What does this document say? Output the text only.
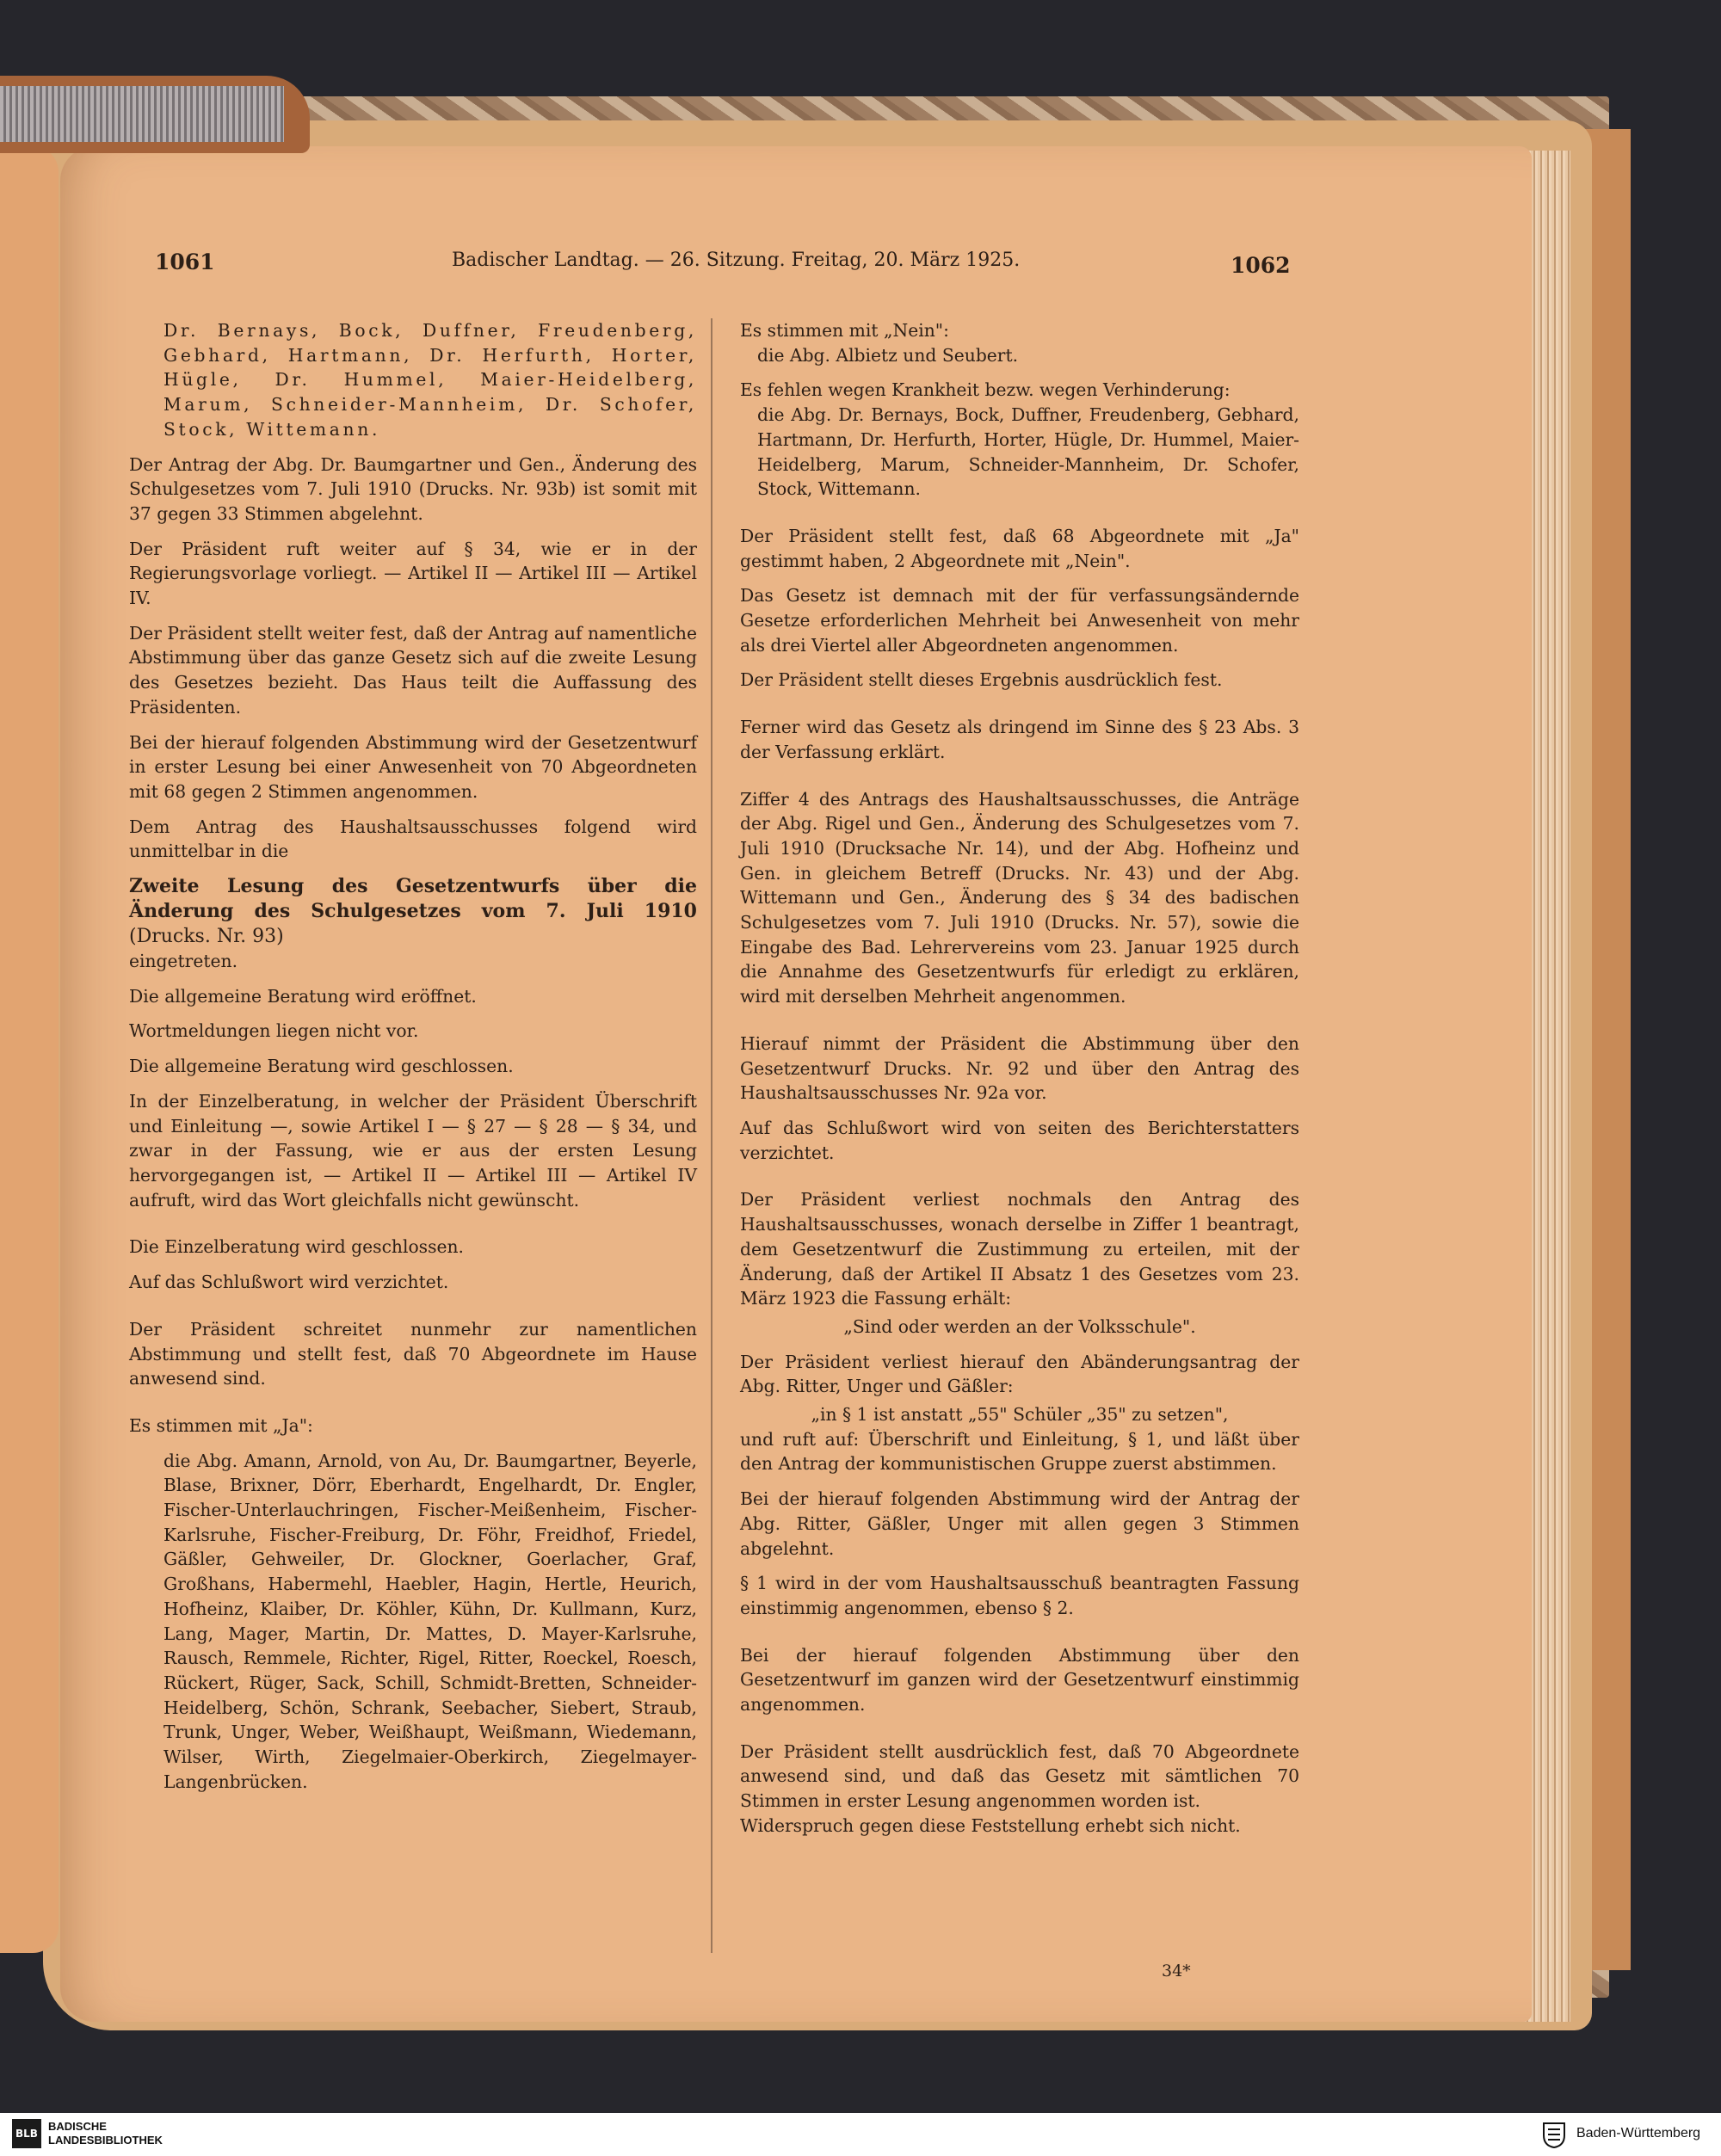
1061	Badischer Landtag. — 26. Sitzung. Freitag, 20. März 1925.	1062

Dr. Bernays, Bock, Duffner, Freudenberg, Gebhard, Hartmann, Dr. Herfurth, Horter, Hügle, Dr. Hummel, Maier-Heidelberg, Marum, Schneider-Mannheim, Dr. Schofer, Stock, Wittemann.

Der Antrag der Abg. Dr. Baumgartner und Gen., Änderung des Schulgesetzes vom 7. Juli 1910 (Drucks. Nr. 93b) ist somit mit 37 gegen 33 Stimmen abgelehnt.

Der Präsident ruft weiter auf § 34, wie er in der Regierungsvorlage vorliegt. — Artikel II — Artikel III — Artikel IV.

Der Präsident stellt weiter fest, daß der Antrag auf namentliche Abstimmung über das ganze Gesetz sich auf die zweite Lesung des Gesetzes bezieht. Das Haus teilt die Auffassung des Präsidenten.

Bei der hierauf folgenden Abstimmung wird der Gesetzentwurf in erster Lesung bei einer Anwesenheit von 70 Abgeordneten mit 68 gegen 2 Stimmen angenommen.

Dem Antrag des Haushaltsausschusses folgend wird unmittelbar in die

Zweite Lesung des Gesetzentwurfs über die Änderung des Schulgesetzes vom 7. Juli 1910 (Drucks. Nr. 93)

eingetreten.

Die allgemeine Beratung wird eröffnet.

Wortmeldungen liegen nicht vor.

Die allgemeine Beratung wird geschlossen.

In der Einzelberatung, in welcher der Präsident Überschrift und Einleitung —, sowie Artikel I — § 27 — § 28 — § 34, und zwar in der Fassung, wie er aus der ersten Lesung hervorgegangen ist, — Artikel II — Artikel III — Artikel IV aufruft, wird das Wort gleichfalls nicht gewünscht.

Die Einzelberatung wird geschlossen.

Auf das Schlußwort wird verzichtet.

Der Präsident schreitet nunmehr zur namentlichen Abstimmung und stellt fest, daß 70 Abgeordnete im Hause anwesend sind.

Es stimmen mit „Ja":

die Abg. Amann, Arnold, von Au, Dr. Baumgartner, Beyerle, Blase, Brixner, Dörr, Eberhardt, Engelhardt, Dr. Engler, Fischer-Unterlauchringen, Fischer-Meißenheim, Fischer-Karlsruhe, Fischer-Freiburg, Dr. Föhr, Freidhof, Friedel, Gäßler, Gehweiler, Dr. Glockner, Goerlacher, Graf, Großhans, Habermehl, Haebler, Hagin, Hertle, Heurich, Hofheinz, Klaiber, Dr. Köhler, Kühn, Dr. Kullmann, Kurz, Lang, Mager, Martin, Dr. Mattes, D. Mayer-Karlsruhe, Rausch, Remmele, Richter, Rigel, Ritter, Roeckel, Roesch, Rückert, Rüger, Sack, Schill, Schmidt-Bretten, Schneider-Heidelberg, Schön, Schrank, Seebacher, Siebert, Straub, Trunk, Unger, Weber, Weißhaupt, Weißmann, Wiedemann, Wilser, Wirth, Ziegelmaier-Oberkirch, Ziegelmayer-Langenbrücken.

Es stimmen mit „Nein":

die Abg. Albietz und Seubert.

Es fehlen wegen Krankheit bezw. wegen Verhinderung:

die Abg. Dr. Bernays, Bock, Duffner, Freudenberg, Gebhard, Hartmann, Dr. Herfurth, Horter, Hügle, Dr. Hummel, Maier-Heidelberg, Marum, Schneider-Mannheim, Dr. Schofer, Stock, Wittemann.

Der Präsident stellt fest, daß 68 Abgeordnete mit „Ja" gestimmt haben, 2 Abgeordnete mit „Nein".

Das Gesetz ist demnach mit der für verfassungsändernde Gesetze erforderlichen Mehrheit bei Anwesenheit von mehr als drei Viertel aller Abgeordneten angenommen.

Der Präsident stellt dieses Ergebnis ausdrücklich fest.

Ferner wird das Gesetz als dringend im Sinne des § 23 Abs. 3 der Verfassung erklärt.

Ziffer 4 des Antrags des Haushaltsausschusses, die Anträge der Abg. Rigel und Gen., Änderung des Schulgesetzes vom 7. Juli 1910 (Drucksache Nr. 14), und der Abg. Hofheinz und Gen. in gleichem Betreff (Drucks. Nr. 43) und der Abg. Wittemann und Gen., Änderung des § 34 des badischen Schulgesetzes vom 7. Juli 1910 (Drucks. Nr. 57), sowie die Eingabe des Bad. Lehrervereins vom 23. Januar 1925 durch die Annahme des Gesetzentwurfs für erledigt zu erklären, wird mit derselben Mehrheit angenommen.

Hierauf nimmt der Präsident die Abstimmung über den Gesetzentwurf Drucks. Nr. 92 und über den Antrag des Haushaltsausschusses Nr. 92a vor.

Auf das Schlußwort wird von seiten des Berichterstatters verzichtet.

Der Präsident verliest nochmals den Antrag des Haushaltsausschusses, wonach derselbe in Ziffer 1 beantragt, dem Gesetzentwurf die Zustimmung zu erteilen, mit der Änderung, daß der Artikel II Absatz 1 des Gesetzes vom 23. März 1923 die Fassung erhält:

„Sind oder werden an der Volksschule".

Der Präsident verliest hierauf den Abänderungsantrag der Abg. Ritter, Unger und Gäßler:

„in § 1 ist anstatt „55" Schüler „35" zu setzen",

und ruft auf: Überschrift und Einleitung, § 1, und läßt über den Antrag der kommunistischen Gruppe zuerst abstimmen.

Bei der hierauf folgenden Abstimmung wird der Antrag der Abg. Ritter, Gäßler, Unger mit allen gegen 3 Stimmen abgelehnt.

§ 1 wird in der vom Haushaltsausschuß beantragten Fassung einstimmig angenommen, ebenso § 2.

Bei der hierauf folgenden Abstimmung über den Gesetzentwurf im ganzen wird der Gesetzentwurf einstimmig angenommen.

Der Präsident stellt ausdrücklich fest, daß 70 Abgeordnete anwesend sind, und daß das Gesetz mit sämtlichen 70 Stimmen in erster Lesung angenommen worden ist.

Widerspruch gegen diese Feststellung erhebt sich nicht.

34*
BLB
BADISCHE
LANDESBIBLIOTHEK	Baden-Württemberg
